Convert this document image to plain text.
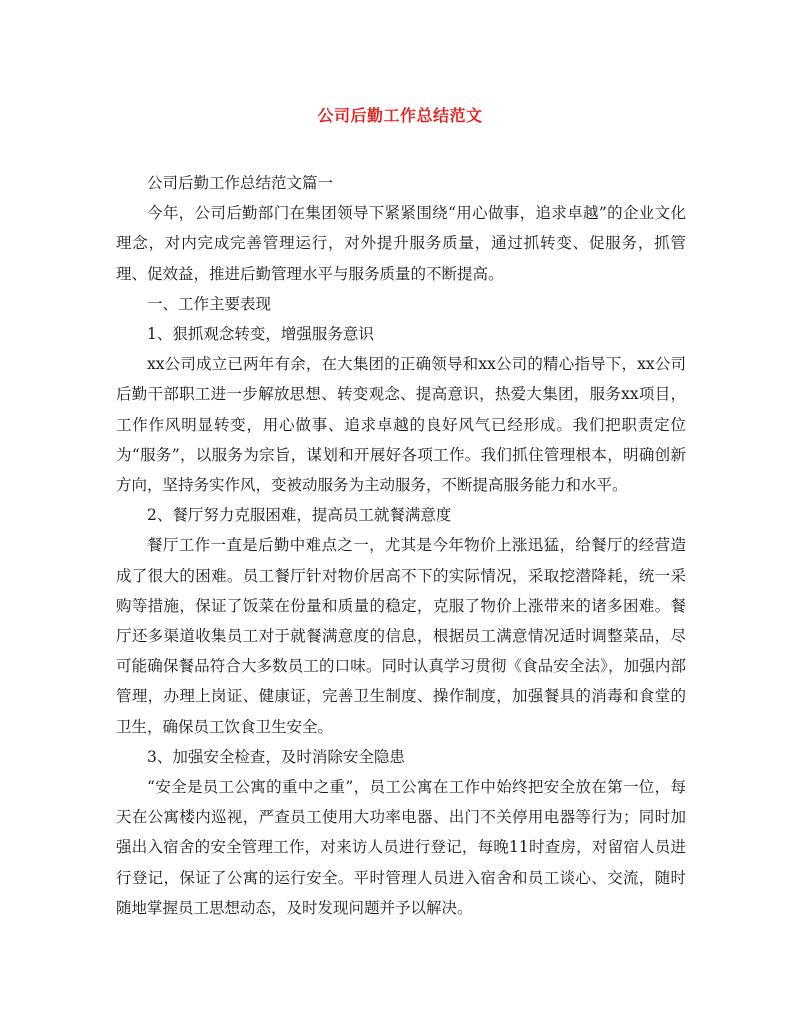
公司后勤工作总结范文

公司后勤工作总结范文篇一

今年，公司后勤部门在集团领导下紧紧围绕“用心做事，追求卓越”的企业文化理念，对内完成完善管理运行，对外提升服务质量，通过抓转变、促服务，抓管理、促效益，推进后勤管理水平与服务质量的不断提高。

一、工作主要表现

1、狠抓观念转变，增强服务意识

xx公司成立已两年有余，在大集团的正确领导和xx公司的精心指导下，xx公司后勤干部职工进一步解放思想、转变观念、提高意识，热爱大集团，服务xx项目，工作作风明显转变，用心做事、追求卓越的良好风气已经形成。我们把职责定位为“服务”，以服务为宗旨，谋划和开展好各项工作。我们抓住管理根本，明确创新方向，坚持务实作风，变被动服务为主动服务，不断提高服务能力和水平。

2、餐厅努力克服困难，提高员工就餐满意度

餐厅工作一直是后勤中难点之一，尤其是今年物价上涨迅猛，给餐厅的经营造成了很大的困难。员工餐厅针对物价居高不下的实际情况，采取挖潜降耗，统一采购等措施，保证了饭菜在份量和质量的稳定，克服了物价上涨带来的诸多困难。餐厅还多渠道收集员工对于就餐满意度的信息，根据员工满意情况适时调整菜品，尽可能确保餐品符合大多数员工的口味。同时认真学习贯彻《食品安全法》，加强内部管理，办理上岗证、健康证，完善卫生制度、操作制度，加强餐具的消毒和食堂的卫生，确保员工饮食卫生安全。

3、加强安全检查，及时消除安全隐患

“安全是员工公寓的重中之重”，员工公寓在工作中始终把安全放在第一位，每天在公寓楼内巡视，严查员工使用大功率电器、出门不关停用电器等行为；同时加强出入宿舍的安全管理工作，对来访人员进行登记，每晚11时查房，对留宿人员进行登记，保证了公寓的运行安全。平时管理人员进入宿舍和员工谈心、交流，随时随地掌握员工思想动态，及时发现问题并予以解决。
